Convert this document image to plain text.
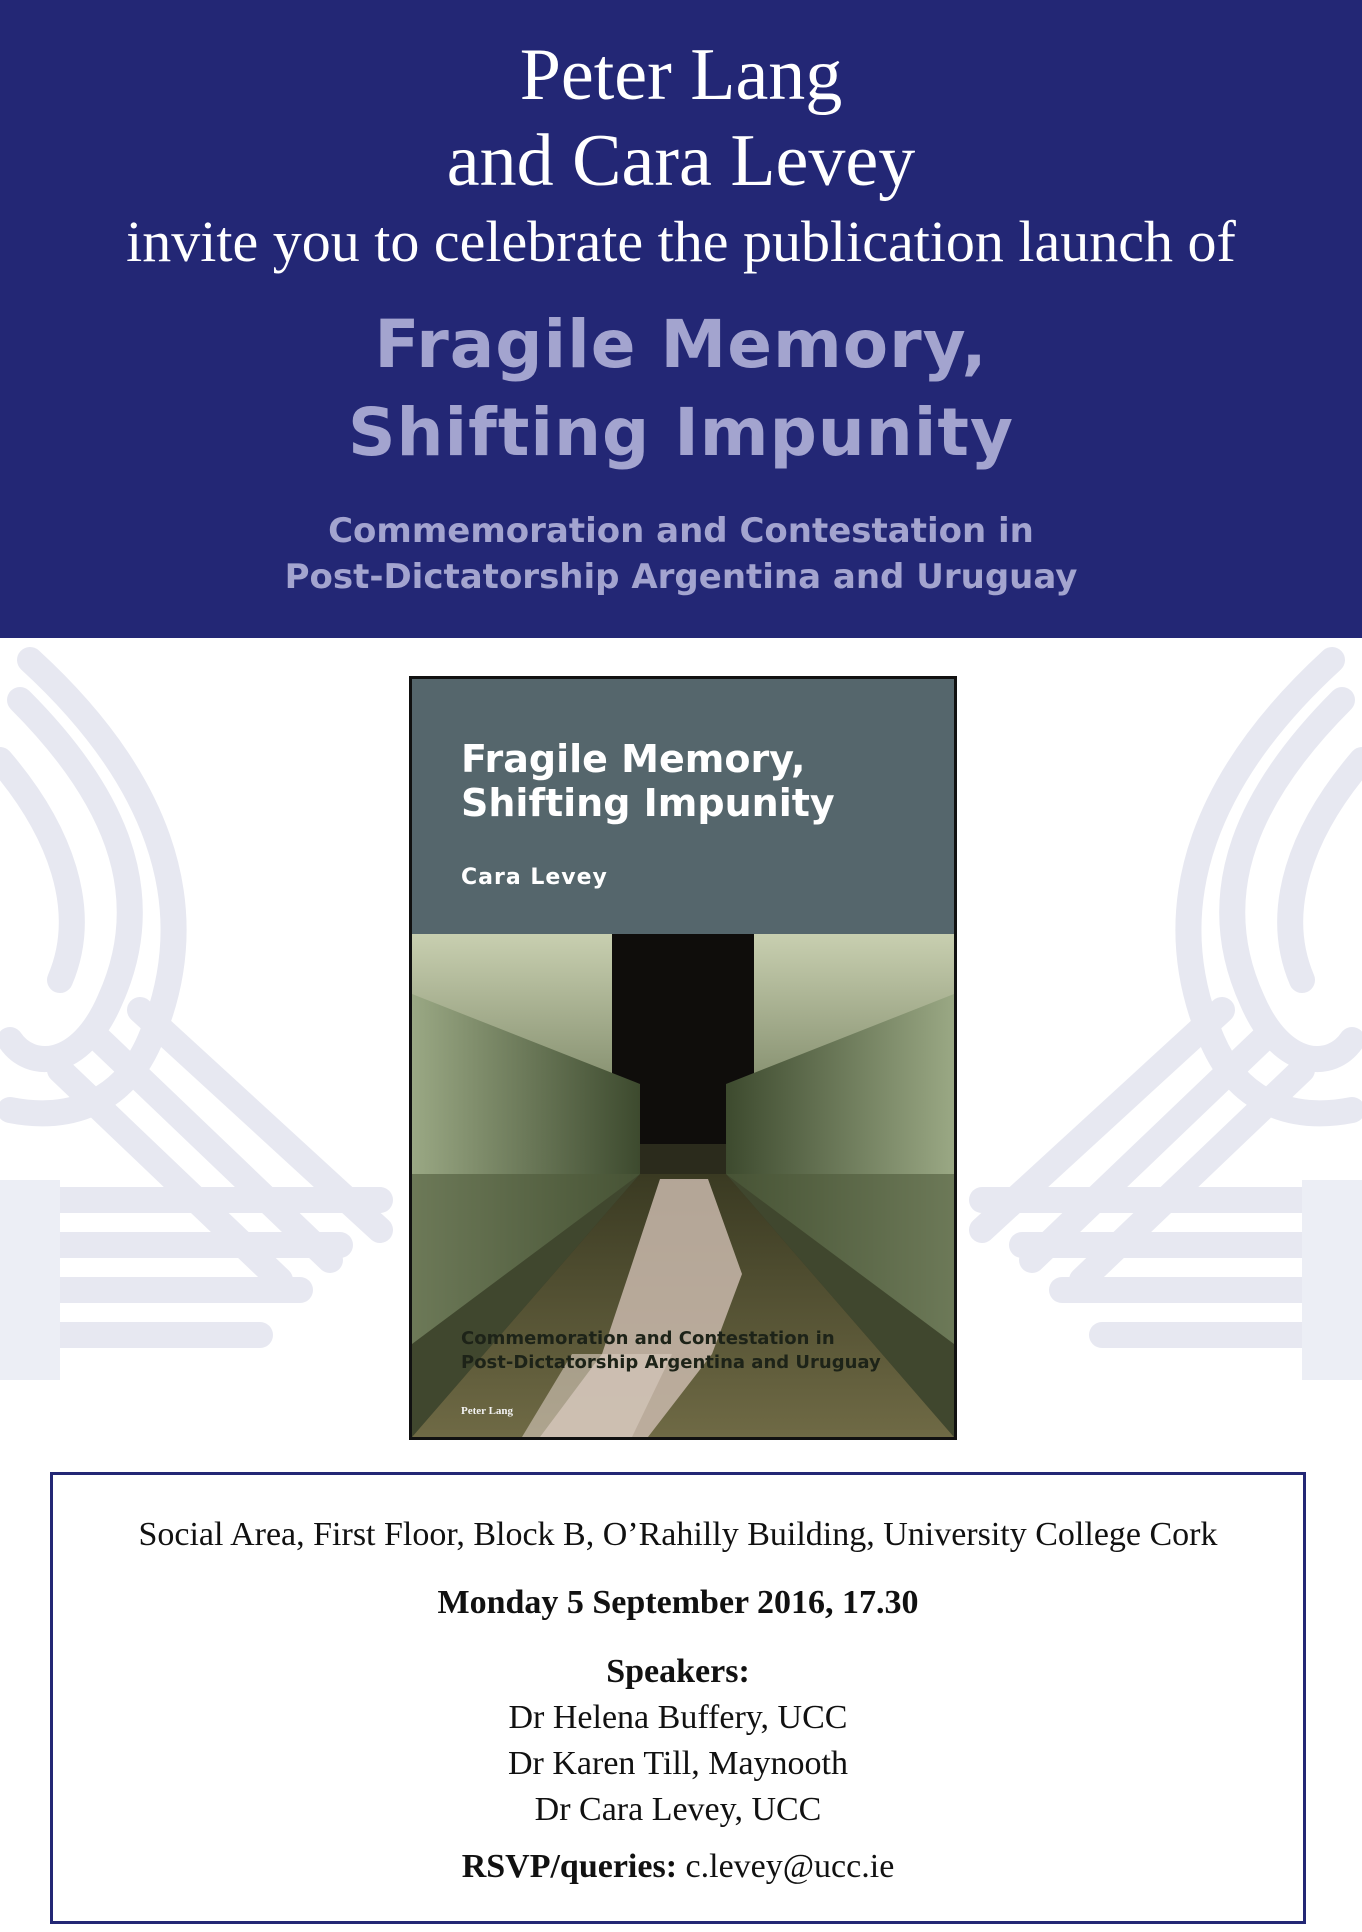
Peter Lang
and Cara Levey
invite you to celebrate the publication launch of
Fragile Memory,
Shifting Impunity
Commemoration and Contestation in
Post-Dictatorship Argentina and Uruguay
Fragile Memory,
Shifting Impunity
Cara Levey
Commemoration and Contestation in
Post-Dictatorship Argentina and Uruguay
Peter Lang
Social Area, First Floor, Block B, O’Rahilly Building, University College Cork
Monday 5 September 2016, 17.30
Speakers:
Dr Helena Buffery, UCC
Dr Karen Till, Maynooth
Dr Cara Levey, UCC
RSVP/queries: c.levey@ucc.ie
